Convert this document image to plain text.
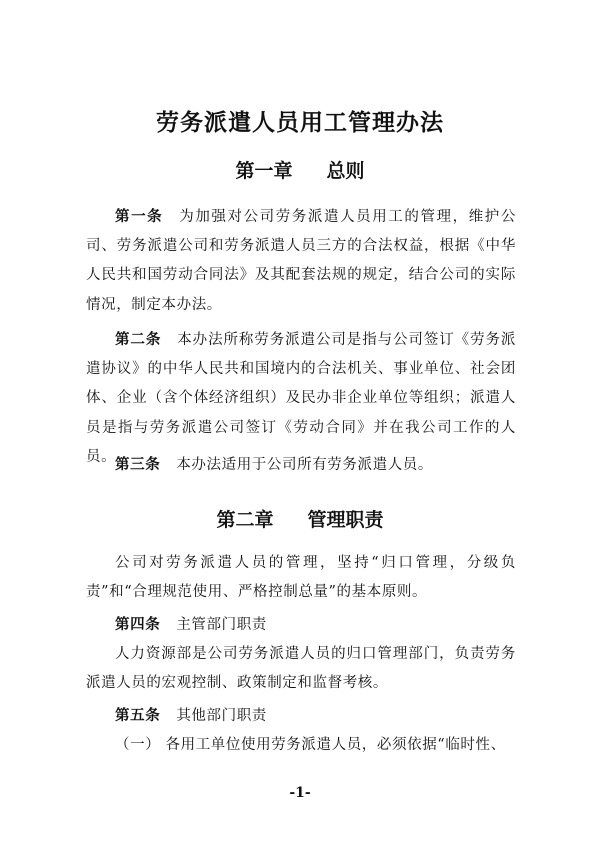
劳务派遣人员用工管理办法
第一章 总则
第一条 为加强对公司劳务派遣人员用工的管理，维护公司、劳务派遣公司和劳务派遣人员三方的合法权益，根据《中华人民共和国劳动合同法》及其配套法规的规定，结合公司的实际情况，制定本办法。
第二条 本办法所称劳务派遣公司是指与公司签订《劳务派遣协议》的中华人民共和国境内的合法机关、事业单位、社会团体、企业（含个体经济组织）及民办非企业单位等组织；派遣人员是指与劳务派遣公司签订《劳动合同》并在我公司工作的人员。
第三条 本办法适用于公司所有劳务派遣人员。
第二章 管理职责
公司对劳务派遣人员的管理，坚持“归口管理，分级负责”和“合理规范使用、严格控制总量”的基本原则。
第四条 主管部门职责
人力资源部是公司劳务派遣人员的归口管理部门，负责劳务派遣人员的宏观控制、政策制定和监督考核。
第五条 其他部门职责
（一） 各用工单位使用劳务派遣人员，必须依据“临时性、
-1-
